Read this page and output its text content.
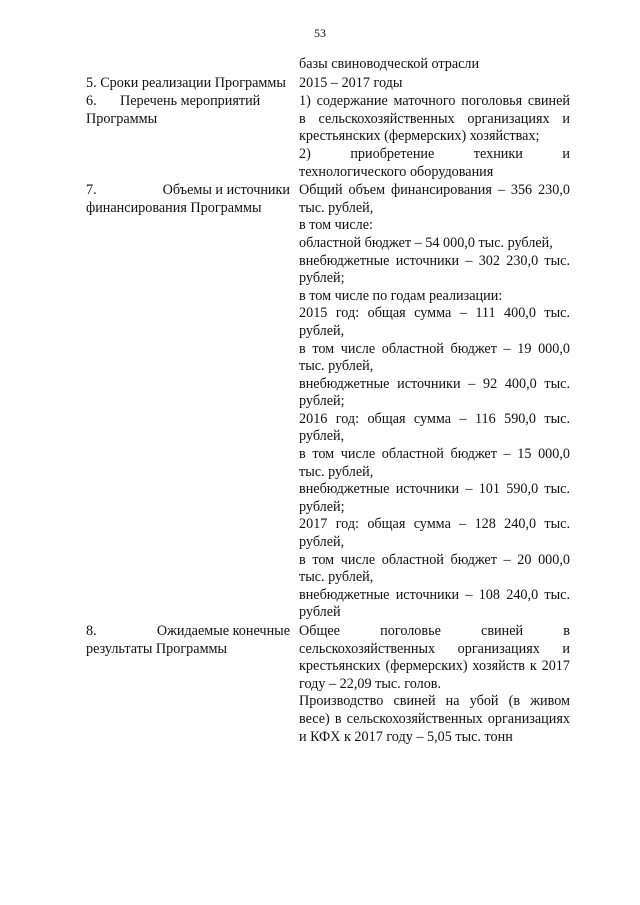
53
базы свиноводческой отрасли
5. Сроки реализации Программы 2015 – 2017 годы
6. Перечень мероприятий
Программы
1) содержание маточного поголовья свиней в сельскохозяйственных организациях и крестьянских (фермерских) хозяйствах;
2) приобретение техники и технологического оборудования
7.	Объемы и источники
финансирования Программы
Общий объем финансирования – 356 230,0 тыс. рублей,
в том числе:
областной бюджет – 54 000,0 тыс. рублей,
внебюджетные источники – 302 230,0 тыс. рублей;
в том числе по годам реализации:
2015 год: общая сумма – 111 400,0 тыс. рублей,
в том числе областной бюджет – 19 000,0 тыс. рублей,
внебюджетные источники – 92 400,0 тыс. рублей;
2016 год: общая сумма – 116 590,0 тыс. рублей,
в том числе областной бюджет – 15 000,0 тыс. рублей,
внебюджетные источники – 101 590,0 тыс. рублей;
2017 год: общая сумма – 128 240,0 тыс. рублей,
в том числе областной бюджет – 20 000,0 тыс. рублей,
внебюджетные источники – 108 240,0 тыс. рублей
8.	Ожидаемые конечные
результаты Программы
Общее поголовье свиней в сельскохозяйственных организациях и крестьянских (фермерских) хозяйств к 2017 году – 22,09 тыс. голов.
Производство свиней на убой (в живом весе) в сельскохозяйственных организациях и КФХ к 2017 году – 5,05 тыс. тонн
